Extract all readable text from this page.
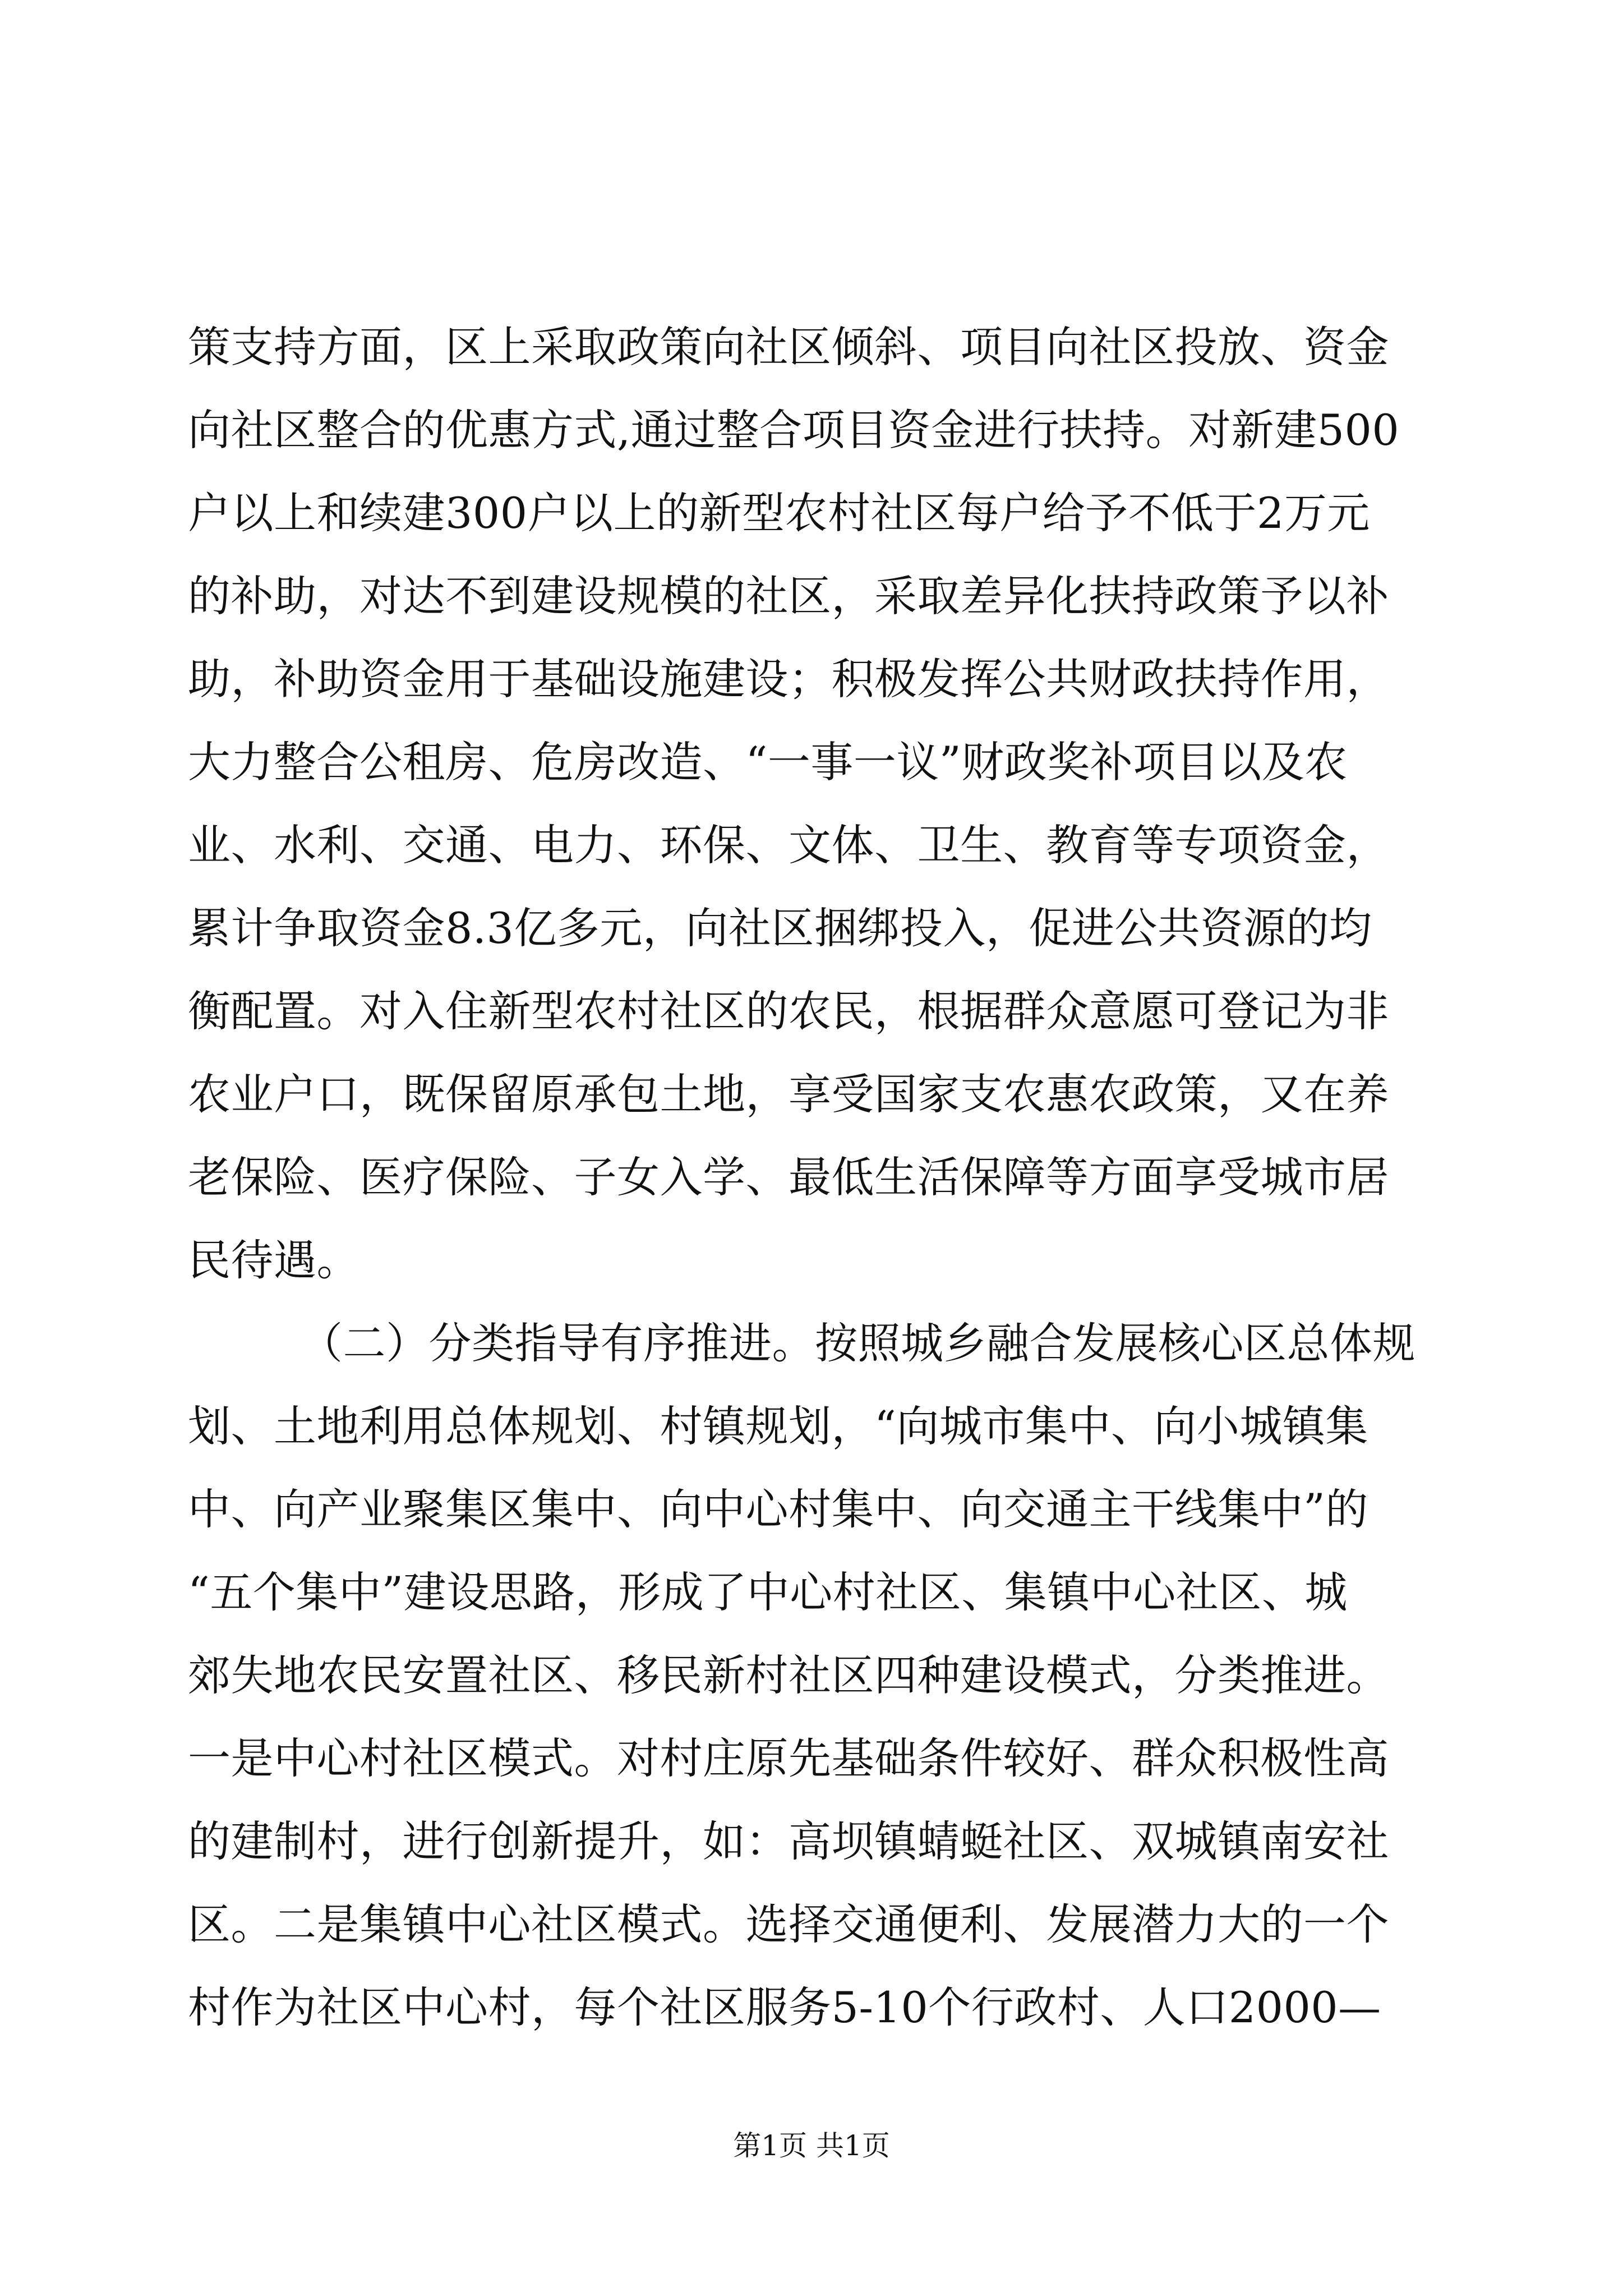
策支持方面，区上采取政策向社区倾斜、项目向社区投放、资金
向社区整合的优惠方式,通过整合项目资金进行扶持。对新建500
户以上和续建300户以上的新型农村社区每户给予不低于2万元
的补助，对达不到建设规模的社区，采取差异化扶持政策予以补
助，补助资金用于基础设施建设；积极发挥公共财政扶持作用，
大力整合公租房、危房改造、“一事一议”财政奖补项目以及农
业、水利、交通、电力、环保、文体、卫生、教育等专项资金，
累计争取资金8.3亿多元，向社区捆绑投入，促进公共资源的均
衡配置。对入住新型农村社区的农民，根据群众意愿可登记为非
农业户口，既保留原承包土地，享受国家支农惠农政策，又在养
老保险、医疗保险、子女入学、最低生活保障等方面享受城市居
民待遇。
（二）分类指导有序推进。按照城乡融合发展核心区总体规
划、土地利用总体规划、村镇规划，“向城市集中、向小城镇集
中、向产业聚集区集中、向中心村集中、向交通主干线集中”的
“五个集中”建设思路，形成了中心村社区、集镇中心社区、城
郊失地农民安置社区、移民新村社区四种建设模式，分类推进。
一是中心村社区模式。对村庄原先基础条件较好、群众积极性高
的建制村，进行创新提升，如：高坝镇蜻蜓社区、双城镇南安社
区。二是集镇中心社区模式。选择交通便利、发展潜力大的一个
村作为社区中心村，每个社区服务5-10个行政村、人口2000—
第1页 共1页
